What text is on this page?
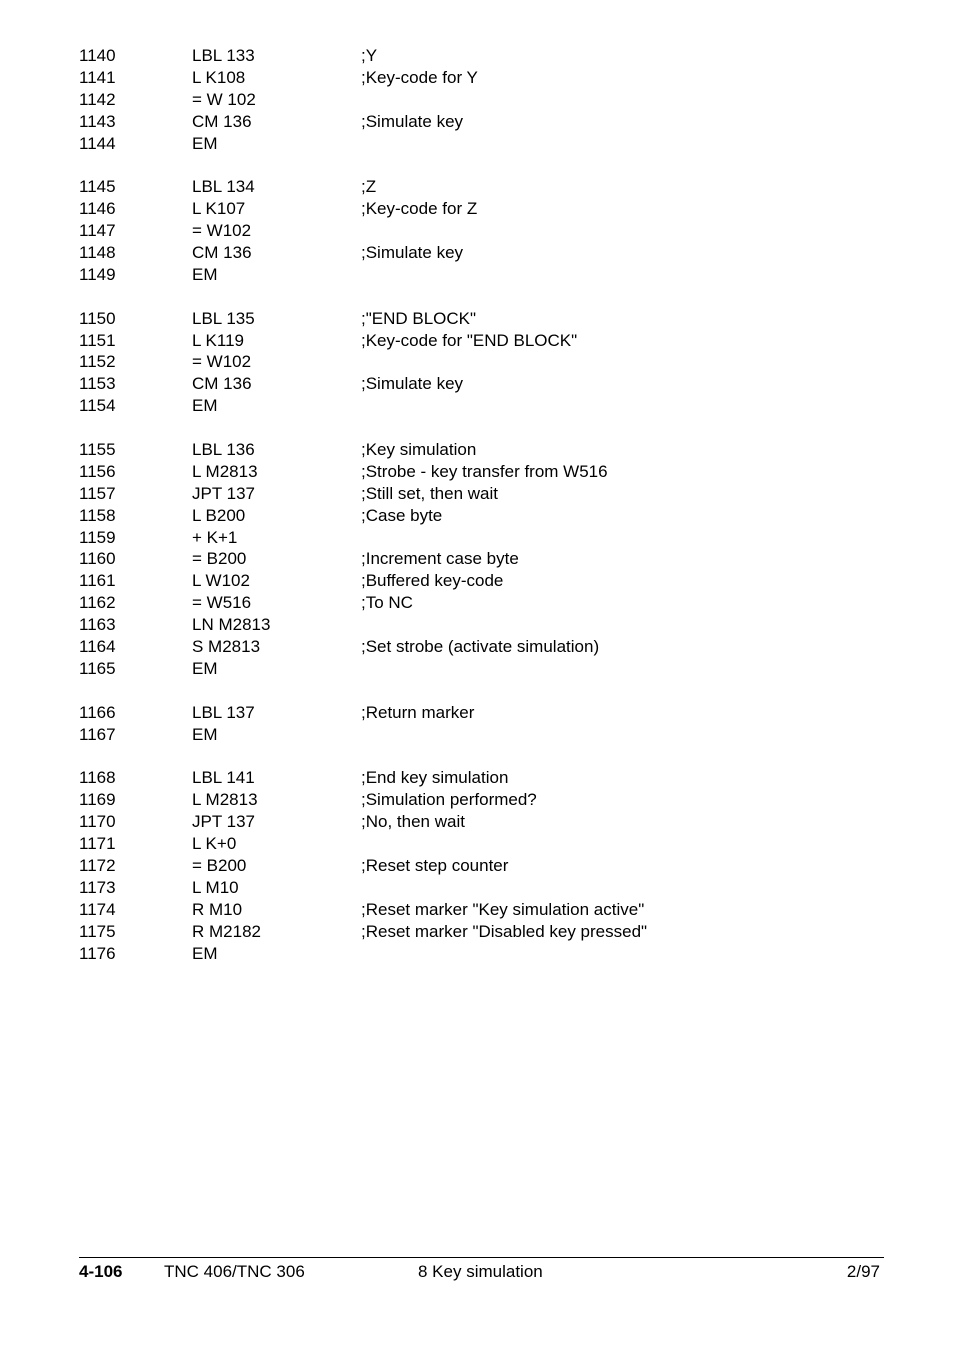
1140	LBL 133	;Y
1141	L K108	;Key-code for Y
1142	= W 102
1143	CM 136	;Simulate key
1144	EM
1145	LBL 134	;Z
1146	L K107	;Key-code for Z
1147	= W102
1148	CM 136	;Simulate key
1149	EM
1150	LBL 135	;"END BLOCK"
1151	L K119	;Key-code for "END BLOCK"
1152	= W102
1153	CM 136	;Simulate key
1154	EM
1155	LBL 136	;Key simulation
1156	L M2813	;Strobe - key transfer from W516
1157	JPT 137	;Still set, then wait
1158	L B200	;Case byte
1159	+ K+1
1160	= B200	;Increment case byte
1161	L W102	;Buffered key-code
1162	= W516	;To NC
1163	LN M2813
1164	S M2813	;Set strobe (activate simulation)
1165	EM
1166	LBL 137	;Return marker
1167	EM
1168	LBL 141	;End key simulation
1169	L M2813	;Simulation performed?
1170	JPT 137	;No, then wait
1171	L K+0
1172	= B200	;Reset step counter
1173	L M10
1174	R M10	;Reset marker "Key simulation active"
1175	R M2182	;Reset marker "Disabled key pressed"
1176	EM
4-106 TNC 406/TNC 306	8 Key simulation	2/97
